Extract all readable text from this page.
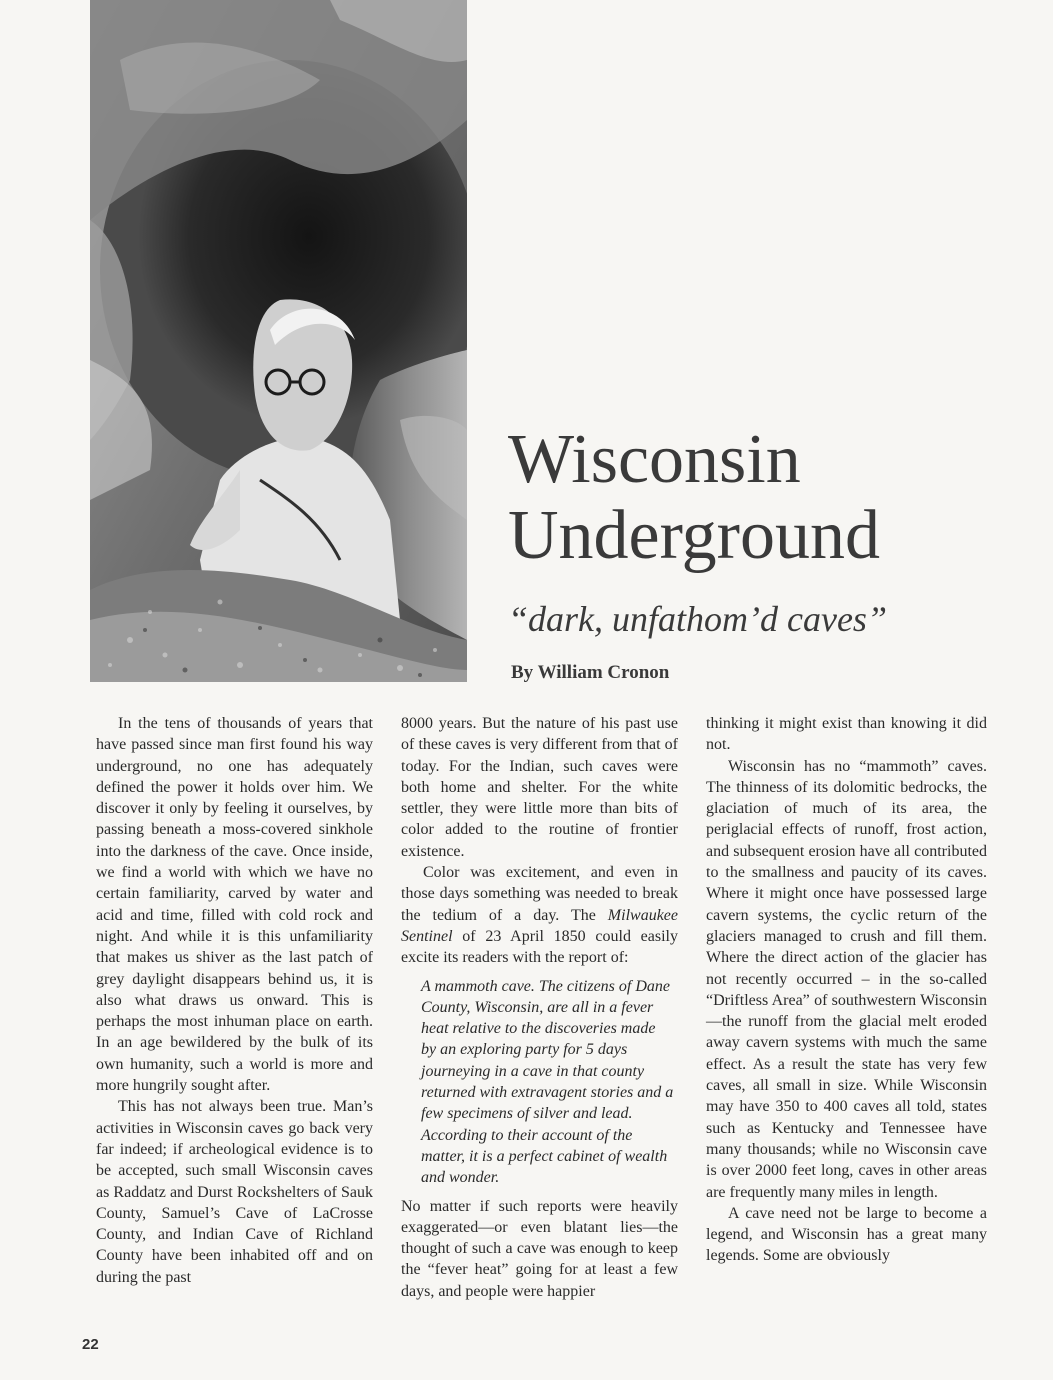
Wisconsin
Underground
“dark, unfathom’d caves”
By William Cronon

In the tens of thousands of years that have passed since man first found his way underground, no one has adequately defined the power it holds over him. We discover it only by feeling it ourselves, by passing beneath a moss-covered sinkhole into the darkness of the cave. Once inside, we find a world with which we have no certain familiarity, carved by water and acid and time, filled with cold rock and night. And while it is this unfamiliarity that makes us shiver as the last patch of grey daylight disappears behind us, it is also what draws us onward. This is perhaps the most inhuman place on earth. In an age bewildered by the bulk of its own humanity, such a world is more and more hungrily sought after.

This has not always been true. Man’s activities in Wisconsin caves go back very far indeed; if archeological evidence is to be accepted, such small Wisconsin caves as Raddatz and Durst Rockshelters of Sauk County, Samuel’s Cave of LaCrosse County, and Indian Cave of Richland County have been inhabited off and on during the past

8000 years. But the nature of his past use of these caves is very different from that of today. For the Indian, such caves were both home and shelter. For the white settler, they were little more than bits of color added to the routine of frontier existence.

Color was excitement, and even in those days something was needed to break the tedium of a day. The Milwaukee Sentinel of 23 April 1850 could easily excite its readers with the report of:

A mammoth cave. The citizens of Dane County, Wisconsin, are all in a fever heat relative to the discoveries made by an exploring party for 5 days journeying in a cave in that county returned with extravagent stories and a few specimens of silver and lead. According to their account of the matter, it is a perfect cabinet of wealth and wonder.

No matter if such reports were heavily exaggerated—or even blatant lies—the thought of such a cave was enough to keep the “fever heat” going for at least a few days, and people were happier

thinking it might exist than knowing it did not.

Wisconsin has no “mammoth” caves. The thinness of its dolomitic bedrocks, the glaciation of much of its area, the periglacial effects of runoff, frost action, and subsequent erosion have all contributed to the smallness and paucity of its caves. Where it might once have possessed large cavern systems, the cyclic return of the glaciers managed to crush and fill them. Where the direct action of the glacier has not recently occurred – in the so-called “Driftless Area” of southwestern Wisconsin—the runoff from the glacial melt eroded away cavern systems with much the same effect. As a result the state has very few caves, all small in size. While Wisconsin may have 350 to 400 caves all told, states such as Kentucky and Tennessee have many thousands; while no Wisconsin cave is over 2000 feet long, caves in other areas are frequently many miles in length.

A cave need not be large to become a legend, and Wisconsin has a great many legends. Some are obviously

22
